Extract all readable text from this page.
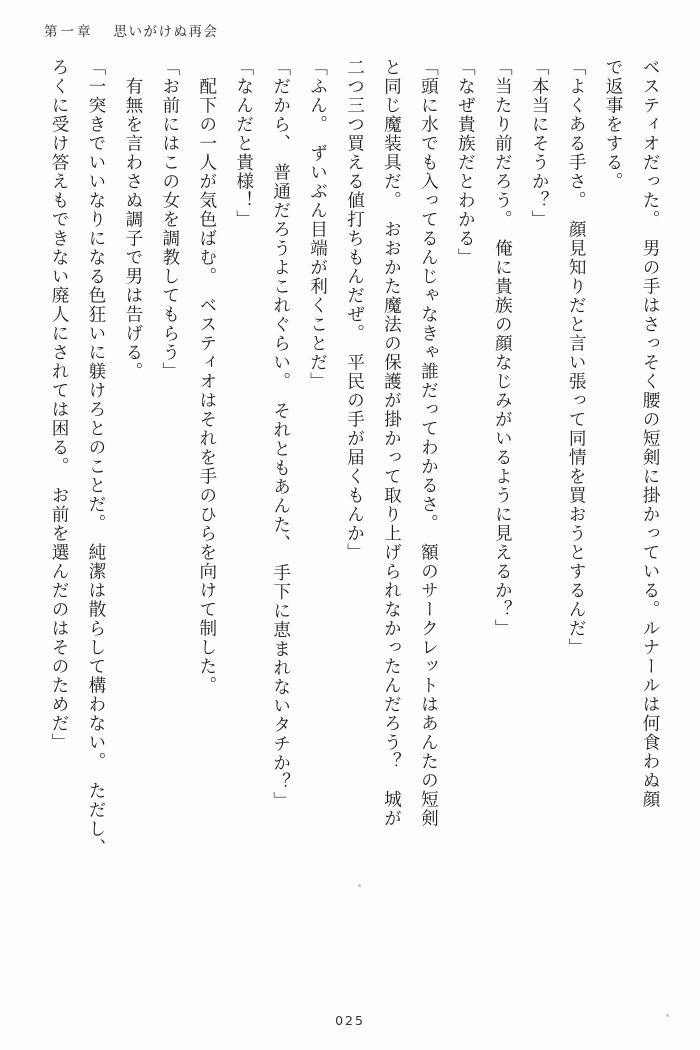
第一章 思いがけぬ再会
ベスティオだった。　男の手はさっそく腰の短剣に掛かっている。ルナールは何食わぬ顔
で返事をする。
「よくある手さ。　顔見知りだと言い張って同情を買おうとするんだ」
「本当にそうか？」
「当たり前だろう。　俺に貴族の顔なじみがいるように見えるか？」
「なぜ貴族だとわかる」
「頭に水でも入ってるんじゃなきゃ誰だってわかるさ。　額のサークレットはあんたの短剣
と同じ魔装具だ。　おおかた魔法の保護が掛かって取り上げられなかったんだろう？　城が
二つ三つ買える値打ちもんだぜ。　平民の手が届くもんか」
「ふん。　ずいぶん目端が利くことだ」
「だから、　普通だろうよこれぐらい。　それともあんた、　手下に恵まれないタチか？」
「なんだと貴様！」
　配下の一人が気色ばむ。　ベスティオはそれを手のひらを向けて制した。
「お前にはこの女を調教してもらう」
　有無を言わさぬ調子で男は告げる。
「一突きでいいなりになる色狂いに躾けろとのことだ。　純潔は散らして構わない。　ただし、
ろくに受け答えもできない廃人にされては困る。　お前を選んだのはそのためだ」
025
